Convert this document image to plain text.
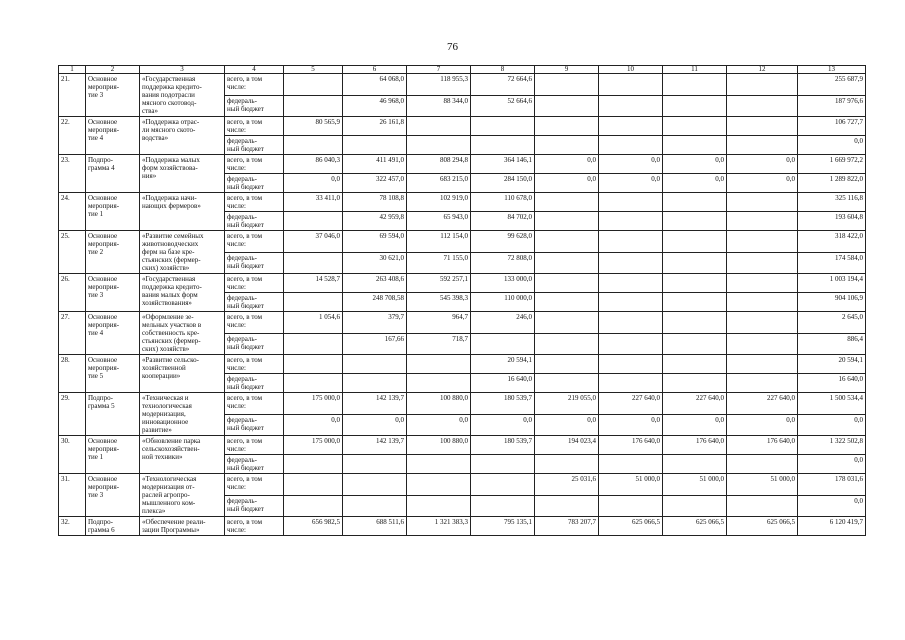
76
1	2	3	4	5	6	7	8	9	10	11	12	13
21.	Основное
мероприя-
тие 3	«Государственная
поддержка кредито-
вания подотрасли
мясного скотовод-
ства»	всего, в том
числе:		64 068,0	118 955,3	72 664,6					255 687,9
			федераль-
ный бюджет		46 968,0	88 344,0	52 664,6					187 976,6
22.	Основное
мероприя-
тие 4	«Поддержка отрас-
ли мясного ското-
водства»	всего, в том
числе:	80 565,9	26 161,8							106 727,7
			федераль-
ный бюджет									0,0
23.	Подпро-
грамма 4	«Поддержка малых
форм хозяйствова-
ния»	всего, в том
числе:	86 040,3	411 491,0	808 294,8	364 146,1	0,0	0,0	0,0	0,0	1 669 972,2
			федераль-
ный бюджет	0,0	322 457,0	683 215,0	284 150,0	0,0	0,0	0,0	0,0	1 289 822,0
24.	Основное
мероприя-
тие 1	«Поддержка начи-
нающих фермеров»	всего, в том
числе:	33 411,0	78 108,8	102 919,0	110 678,0					325 116,8
			федераль-
ный бюджет		42 959,8	65 943,0	84 702,0					193 604,8
25.	Основное
мероприя-
тие 2	«Развитие семейных
животноводческих
ферм на базе кре-
стьянских (фермер-
ских) хозяйств»	всего, в том
числе:	37 046,0	69 594,0	112 154,0	99 628,0					318 422,0
			федераль-
ный бюджет		30 621,0	71 155,0	72 808,0					174 584,0
26.	Основное
мероприя-
тие 3	«Государственная
поддержка кредито-
вания малых форм
хозяйствования»	всего, в том
числе:	14 528,7	263 408,6	592 257,1	133 000,0					1 003 194,4
			федераль-
ный бюджет		248 708,58	545 398,3	110 000,0					904 106,9
27.	Основное
мероприя-
тие 4	«Оформление зе-
мельных участков в
собственность кре-
стьянских (фермер-
ских) хозяйств»	всего, в том
числе:	1 054,6	379,7	964,7	246,0					2 645,0
			федераль-
ный бюджет		167,66	718,7						886,4
28.	Основное
мероприя-
тие 5	«Развитие сельско-
хозяйственной
кооперации»	всего, в том
числе:				20 594,1					20 594,1
			федераль-
ный бюджет				16 640,0					16 640,0
29.	Подпро-
грамма 5	«Техническая и
технологическая
модернизация,
инновационное
развитие»	всего, в том
числе:	175 000,0	142 139,7	100 880,0	180 539,7	219 055,0	227 640,0	227 640,0	227 640,0	1 500 534,4
			федераль-
ный бюджет	0,0	0,0	0,0	0,0	0,0	0,0	0,0	0,0	0,0
30.	Основное
мероприя-
тие 1	«Обновление парка
сельскохозяйствен-
ной техники»	всего, в том
числе:	175 000,0	142 139,7	100 880,0	180 539,7	194 023,4	176 640,0	176 640,0	176 640,0	1 322 502,8
			федераль-
ный бюджет									0,0
31.	Основное
мероприя-
тие 3	«Технологическая
модернизация от-
раслей агропро-
мышленного ком-
плекса»	всего, в том
числе:					25 031,6	51 000,0	51 000,0	51 000,0	178 031,6
			федераль-
ный бюджет									0,0
32.	Подпро-
грамма 6	«Обеспечение реали-
зации Программы»	всего, в том
числе:	656 982,5	688 511,6	1 321 383,3	795 135,1	783 207,7	625 066,5	625 066,5	625 066,5	6 120 419,7
